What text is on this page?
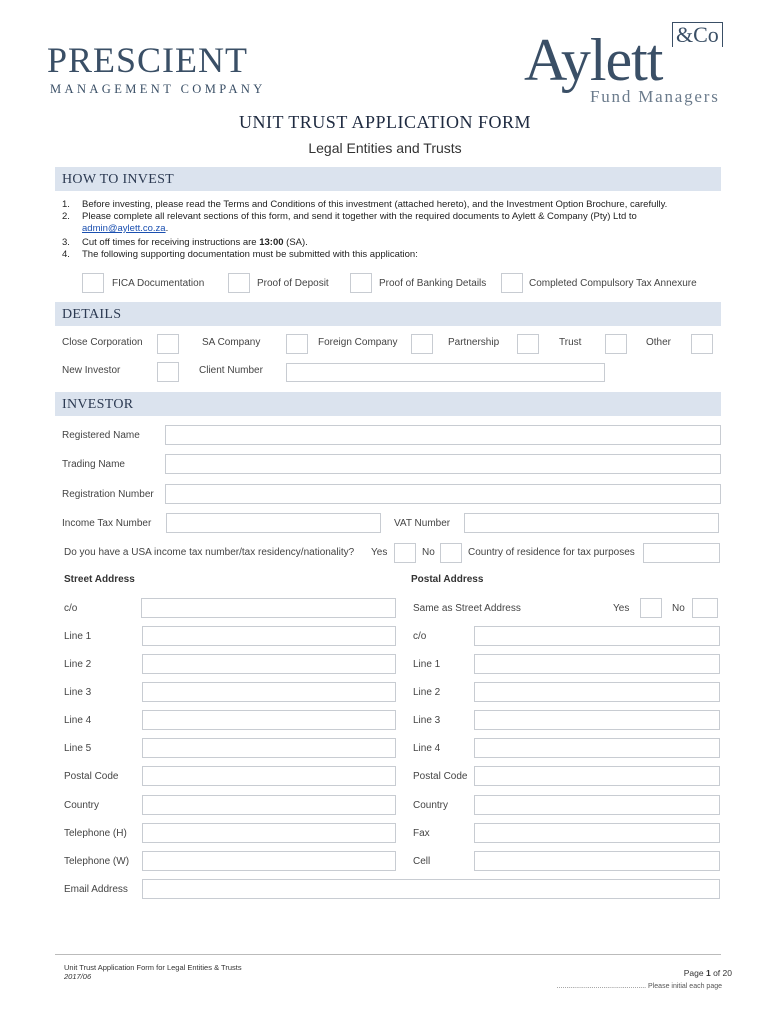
PRESCIENT
MANAGEMENT COMPANY	Aylett &Co
Fund Managers
UNIT TRUST APPLICATION FORM
Legal Entities and Trusts
HOW TO INVEST
1. Before investing, please read the Terms and Conditions of this investment (attached hereto), and the Investment Option Brochure, carefully.
2. Please complete all relevant sections of this form, and send it together with the required documents to Aylett & Company (Pty) Ltd to
admin@aylett.co.za.
3. Cut off times for receiving instructions are 13:00 (SA).
4. The following supporting documentation must be submitted with this application:
FICA Documentation	Proof of Deposit	Proof of Banking Details	Completed Compulsory Tax Annexure
DETAILS
Close Corporation	SA Company	Foreign Company	Partnership	Trust	Other
New Investor	Client Number
INVESTOR
Registered Name
Trading Name
Registration Number
Income Tax Number	VAT Number
Do you have a USA income tax number/tax residency/nationality? Yes	No	Country of residence for tax purposes
Street Address	Postal Address
c/o
Line 1
Line 2
Line 3
Line 4
Line 5
Postal Code
Country
Telephone (H)
Telephone (W)
Email Address
Same as Street Address	Yes	No
c/o
Line 1
Line 2
Line 3
Line 4
Postal Code
Country
Fax
Cell
Unit Trust Application Form for Legal Entities & Trusts
2017/06	Page 1 of 20
.............................................. Please initial each page
